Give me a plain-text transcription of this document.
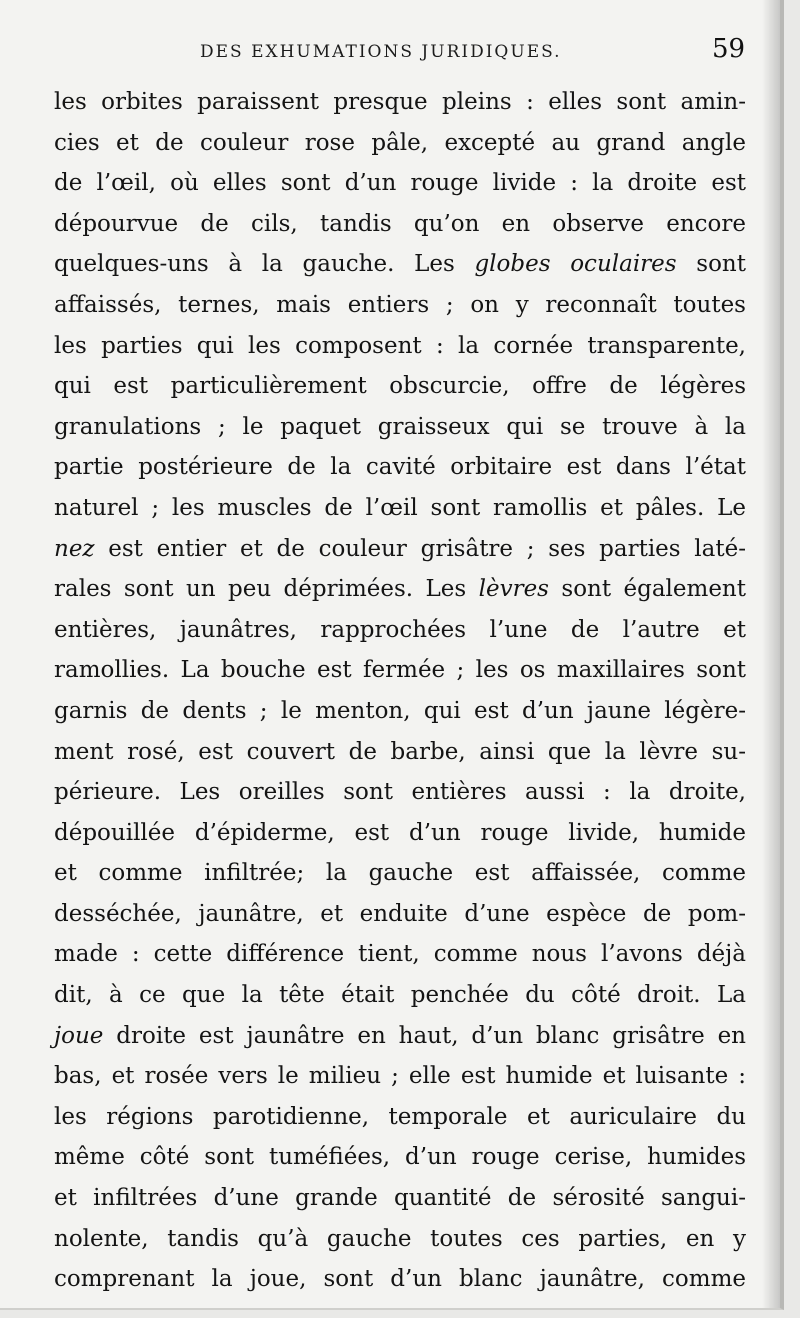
DES EXHUMATIONS JURIDIQUES.	59
les orbites paraissent presque pleins : elles sont amin-
cies et de couleur rose pâle, excepté au grand angle
de l’œil, où elles sont d’un rouge livide : la droite est
dépourvue de cils, tandis qu’on en observe encore
quelques-uns à la gauche. Les globes oculaires sont
affaissés, ternes, mais entiers ; on y reconnaît toutes
les parties qui les composent : la cornée transparente,
qui est particulièrement obscurcie, offre de légères
granulations ; le paquet graisseux qui se trouve à la
partie postérieure de la cavité orbitaire est dans l’état
naturel ; les muscles de l’œil sont ramollis et pâles. Le
nez est entier et de couleur grisâtre ; ses parties laté-
rales sont un peu déprimées. Les lèvres sont également
entières, jaunâtres, rapprochées l’une de l’autre et
ramollies. La bouche est fermée ; les os maxillaires sont
garnis de dents ; le menton, qui est d’un jaune légère-
ment rosé, est couvert de barbe, ainsi que la lèvre su-
périeure. Les oreilles sont entières aussi : la droite,
dépouillée d’épiderme, est d’un rouge livide, humide
et comme infiltrée; la gauche est affaissée, comme
desséchée, jaunâtre, et enduite d’une espèce de pom-
made : cette différence tient, comme nous l’avons déjà
dit, à ce que la tête était penchée du côté droit. La
joue droite est jaunâtre en haut, d’un blanc grisâtre en
bas, et rosée vers le milieu ; elle est humide et luisante :
les régions parotidienne, temporale et auriculaire du
même côté sont tuméfiées, d’un rouge cerise, humides
et infiltrées d’une grande quantité de sérosité sangui-
nolente, tandis qu’à gauche toutes ces parties, en y
comprenant la joue, sont d’un blanc jaunâtre, comme
